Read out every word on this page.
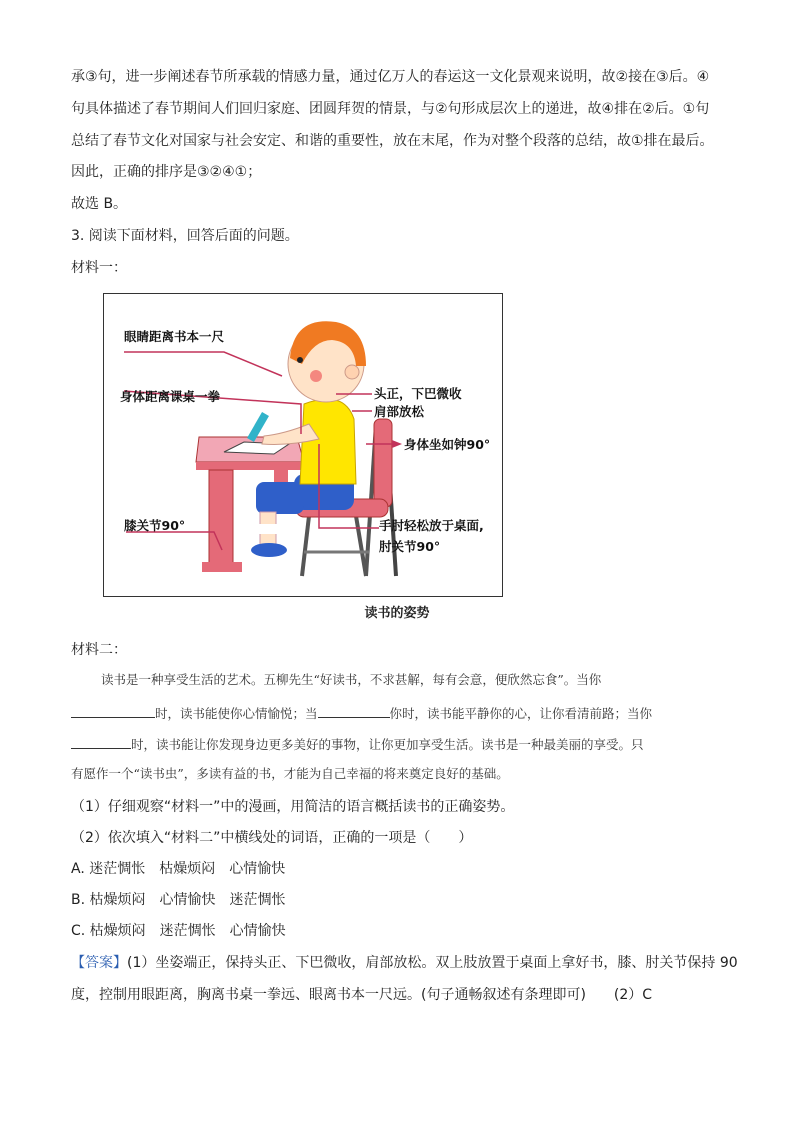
承③句，进一步阐述春节所承载的情感力量，通过亿万人的春运这一文化景观来说明，故②接在③后。④
句具体描述了春节期间人们回归家庭、团圆拜贺的情景，与②句形成层次上的递进，故④排在②后。①句
总结了春节文化对国家与社会安定、和谐的重要性，放在末尾，作为对整个段落的总结，故①排在最后。
因此，正确的排序是③②④①；
故选 B。
3. 阅读下面材料，回答后面的问题。
材料一：
眼睛距离书本一尺
身体距离课桌一拳	头正，下巴微收
肩部放松
身体坐如钟90°
膝关节90°	手肘轻松放于桌面,
肘关节90°
读书的姿势
材料二：
读书是一种享受生活的艺术。五柳先生“好读书，不求甚解，每有会意，便欣然忘食”。当你
时，读书能使你心情愉悦；当	你时，读书能平静你的心，让你看清前路；当你
时，读书能让你发现身边更多美好的事物，让你更加享受生活。读书是一种最美丽的享受。只
有愿作一个“读书虫”，多读有益的书，才能为自己幸福的将来奠定良好的基础。
（1）仔细观察“材料一”中的漫画，用简洁的语言概括读书的正确姿势。
（2）依次填入“材料二”中横线处的词语，正确的一项是（　　）
A. 迷茫惆怅　枯燥烦闷　心情愉快
B. 枯燥烦闷　心情愉快　迷茫惆怅
C. 枯燥烦闷　迷茫惆怅　心情愉快
【答案】(1）坐姿端正，保持头正、下巴微收，肩部放松。双上肢放置于桌面上拿好书，膝、肘关节保持 90
度，控制用眼距离，胸离书桌一拳远、眼离书本一尺远。(句子通畅叙述有条理即可)　　(2）C
